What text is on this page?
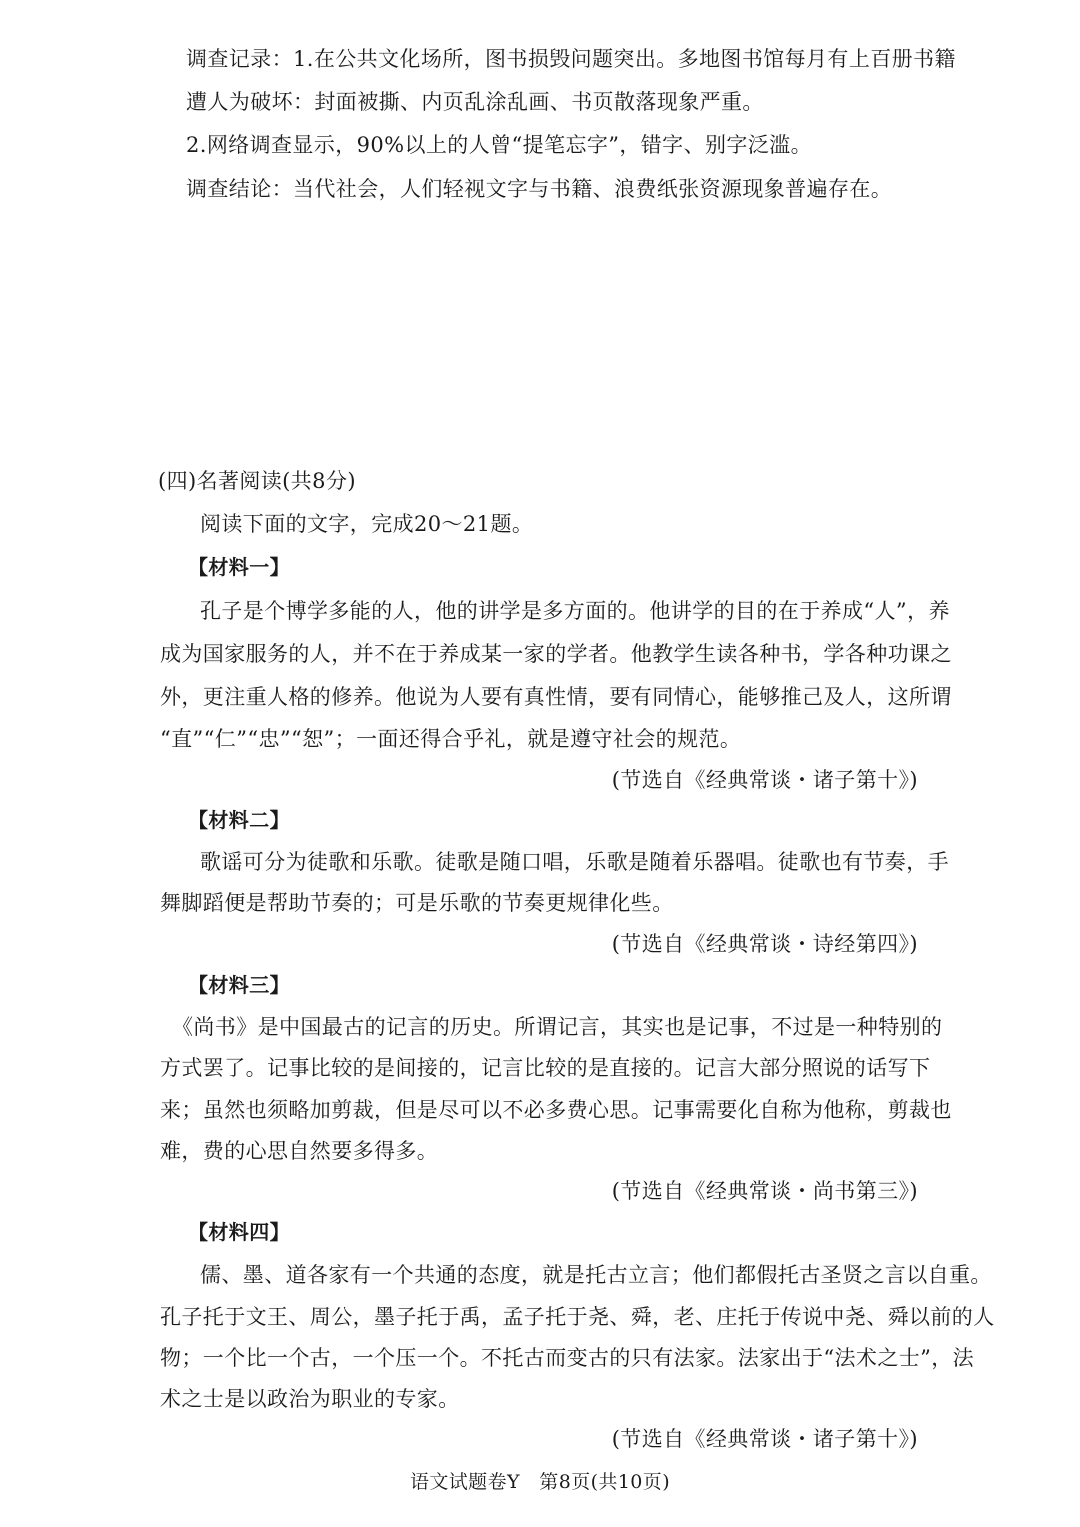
调查记录：1.在公共文化场所，图书损毁问题突出。多地图书馆每月有上百册书籍
遭人为破坏：封面被撕、内页乱涂乱画、书页散落现象严重。
2.网络调查显示，90%以上的人曾“提笔忘字”，错字、别字泛滥。
调查结论：当代社会，人们轻视文字与书籍、浪费纸张资源现象普遍存在。
(四)名著阅读(共8分)
阅读下面的文字，完成20～21题。
【材料一】
孔子是个博学多能的人，他的讲学是多方面的。他讲学的目的在于养成“人”，养
成为国家服务的人，并不在于养成某一家的学者。他教学生读各种书，学各种功课之
外，更注重人格的修养。他说为人要有真性情，要有同情心，能够推己及人，这所谓
“直”“仁”“忠”“恕”；一面还得合乎礼，就是遵守社会的规范。
(节选自《经典常谈・诸子第十》)
【材料二】
歌谣可分为徒歌和乐歌。徒歌是随口唱，乐歌是随着乐器唱。徒歌也有节奏，手
舞脚蹈便是帮助节奏的；可是乐歌的节奏更规律化些。
(节选自《经典常谈・诗经第四》)
【材料三】
《尚书》是中国最古的记言的历史。所谓记言，其实也是记事，不过是一种特别的
方式罢了。记事比较的是间接的，记言比较的是直接的。记言大部分照说的话写下
来；虽然也须略加剪裁，但是尽可以不必多费心思。记事需要化自称为他称，剪裁也
难，费的心思自然要多得多。
(节选自《经典常谈・尚书第三》)
【材料四】
儒、墨、道各家有一个共通的态度，就是托古立言；他们都假托古圣贤之言以自重。
孔子托于文王、周公，墨子托于禹，孟子托于尧、舜，老、庄托于传说中尧、舜以前的人
物；一个比一个古，一个压一个。不托古而变古的只有法家。法家出于“法术之士”，法
术之士是以政治为职业的专家。
(节选自《经典常谈・诸子第十》)
语文试题卷Y　第8页(共10页)
